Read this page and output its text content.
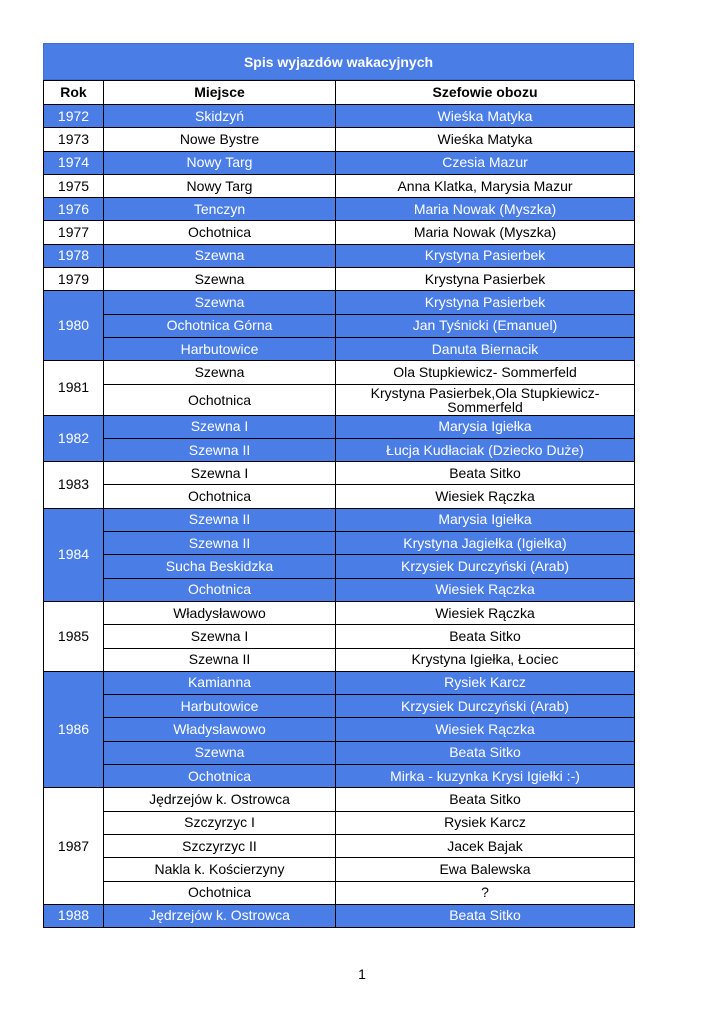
Spis wyjazdów wakacyjnych
Rok	Miejsce	Szefowie obozu
1972	Skidzyń	Wieśka Matyka
1973	Nowe Bystre	Wieśka Matyka
1974	Nowy Targ	Czesia Mazur
1975	Nowy Targ	Anna Klatka, Marysia Mazur
1976	Tenczyn	Maria Nowak (Myszka)
1977	Ochotnica	Maria Nowak (Myszka)
1978	Szewna	Krystyna Pasierbek
1979	Szewna	Krystyna Pasierbek
1980	Szewna	Krystyna Pasierbek
	Ochotnica Górna	Jan Tyśnicki (Emanuel)
	Harbutowice	Danuta Biernacik
1981	Szewna	Ola Stupkiewicz- Sommerfeld
	Ochotnica	Krystyna Pasierbek,Ola Stupkiewicz-Sommerfeld
1982	Szewna I	Marysia Igiełka
	Szewna II	Łucja Kudłaciak (Dziecko Duże)
1983	Szewna I	Beata Sitko
	Ochotnica	Wiesiek Rączka
1984	Szewna II	Marysia Igiełka
	Szewna II	Krystyna Jagiełka (Igiełka)
	Sucha Beskidzka	Krzysiek Durczyński (Arab)
	Ochotnica	Wiesiek Rączka
1985	Władysławowo	Wiesiek Rączka
	Szewna I	Beata Sitko
	Szewna II	Krystyna Igiełka, Łociec
1986	Kamianna	Rysiek Karcz
	Harbutowice	Krzysiek Durczyński (Arab)
	Władysławowo	Wiesiek Rączka
	Szewna	Beata Sitko
	Ochotnica	Mirka - kuzynka Krysi Igiełki :-)
1987	Jędrzejów k. Ostrowca	Beata Sitko
	Szczyrzyc I	Rysiek Karcz
	Szczyrzyc II	Jacek Bajak
	Nakla k. Kościerzyny	Ewa Balewska
	Ochotnica	?
1988	Jędrzejów k. Ostrowca	Beata Sitko
1
